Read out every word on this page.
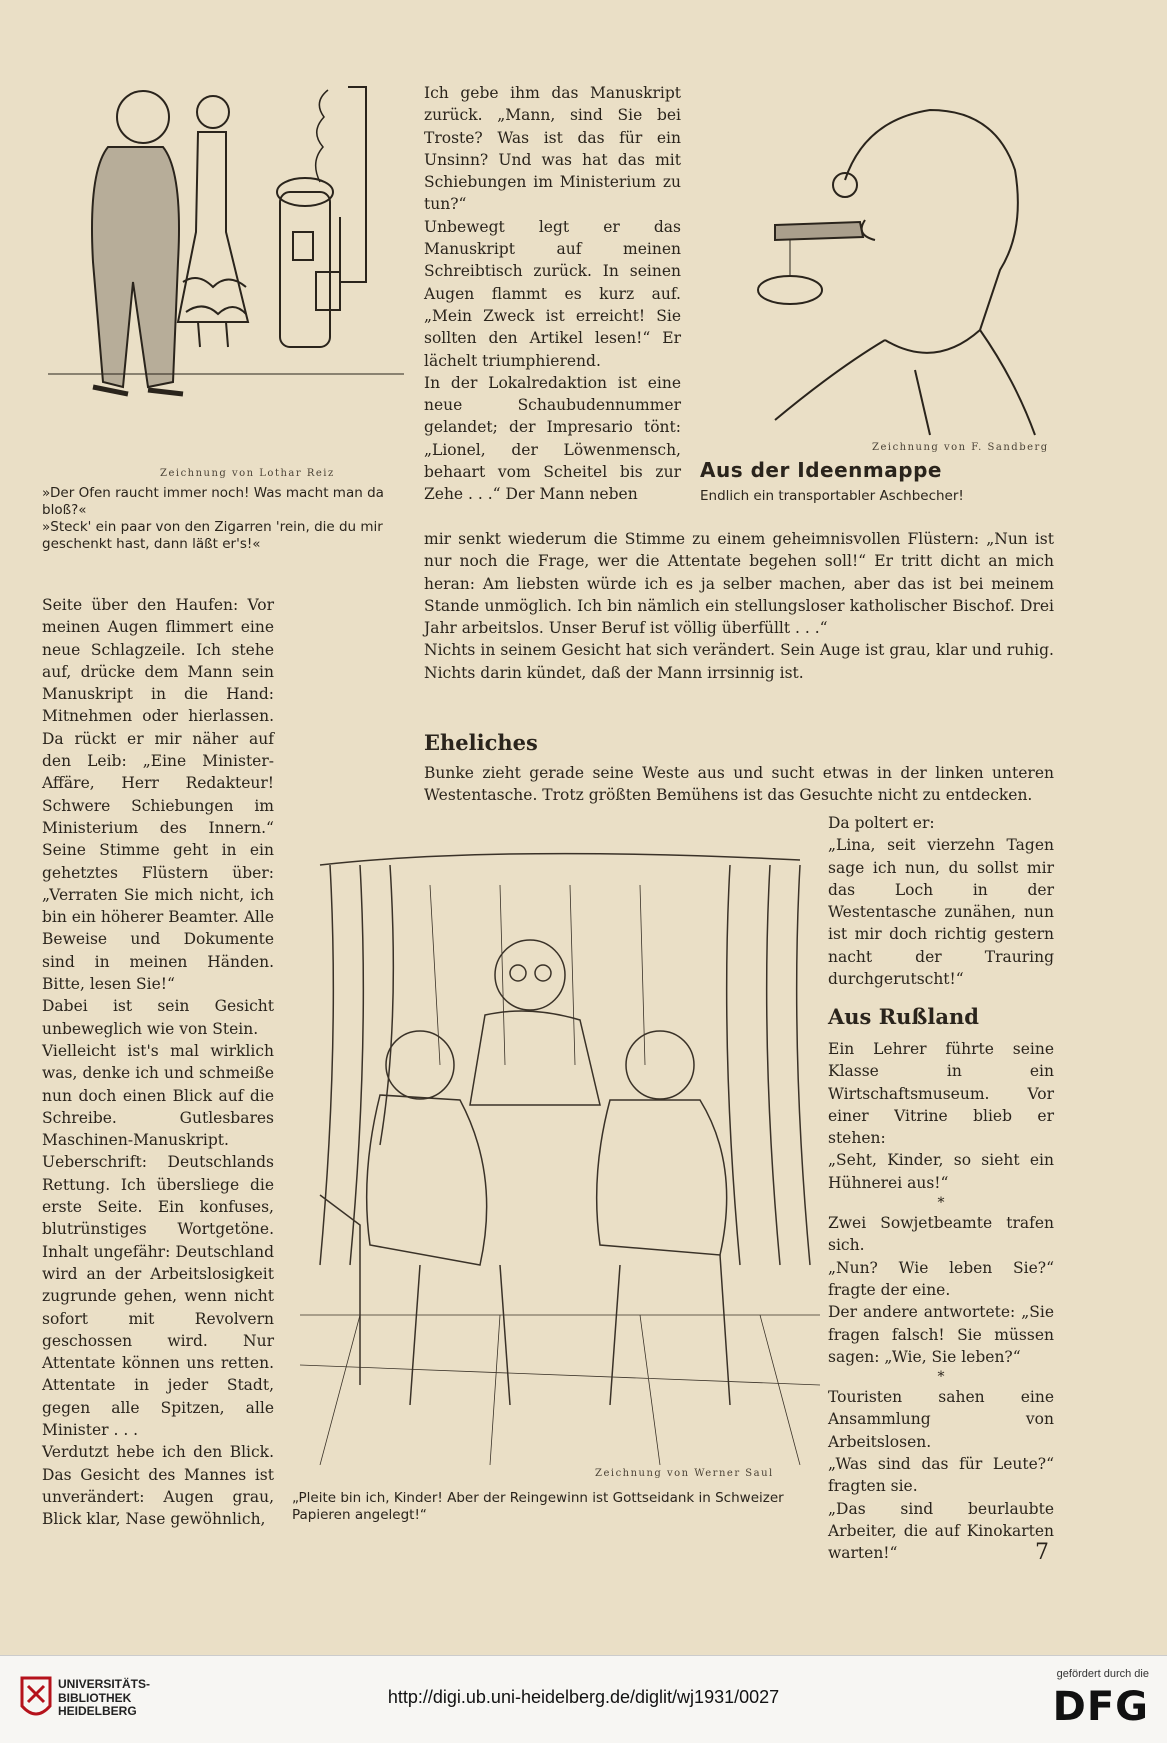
Zeichnung von Lothar Reiz
»Der Ofen raucht immer noch! Was macht man da bloß?«
»Steck' ein paar von den Zigarren 'rein, die du mir geschenkt hast, dann läßt er's!«

Ich gebe ihm das Manuskript zurück. „Mann, sind Sie bei Troste? Was ist das für ein Unsinn? Und was hat das mit Schiebungen im Ministerium zu tun?“

Unbewegt legt er das Manuskript auf meinen Schreibtisch zurück. In seinen Augen flammt es kurz auf. „Mein Zweck ist erreicht! Sie sollten den Artikel lesen!“ Er lächelt triumphierend.

In der Lokalredaktion ist eine neue Schaubudennummer gelandet; der Impresario tönt: „Lionel, der Löwenmensch, behaart vom Scheitel bis zur Zehe . . .“ Der Mann neben

Zeichnung von F. Sandberg
Aus der Ideenmappe
Endlich ein transportabler Aschbecher!

mir senkt wiederum die Stimme zu einem geheimnisvollen Flüstern: „Nun ist nur noch die Frage, wer die Attentate begehen soll!“ Er tritt dicht an mich heran: Am liebsten würde ich es ja selber machen, aber das ist bei meinem Stande unmöglich. Ich bin nämlich ein stellungsloser katholischer Bischof. Drei Jahr arbeitslos. Unser Beruf ist völlig überfüllt . . .“

Nichts in seinem Gesicht hat sich verändert. Sein Auge ist grau, klar und ruhig. Nichts darin kündet, daß der Mann irrsinnig ist.

Seite über den Haufen: Vor meinen Augen flimmert eine neue Schlagzeile. Ich stehe auf, drücke dem Mann sein Manuskript in die Hand: Mitnehmen oder hierlassen. Da rückt er mir näher auf den Leib: „Eine Minister-Affäre, Herr Redakteur! Schwere Schiebungen im Ministerium des Innern.“ Seine Stimme geht in ein gehetztes Flüstern über: „Verraten Sie mich nicht, ich bin ein höherer Beamter. Alle Beweise und Dokumente sind in meinen Händen. Bitte, lesen Sie!“

Dabei ist sein Gesicht unbeweglich wie von Stein.

Vielleicht ist's mal wirklich was, denke ich und schmeiße nun doch einen Blick auf die Schreibe. Gutlesbares Maschinen-Manuskript.

Ueberschrift: Deutschlands Rettung. Ich übersliege die erste Seite. Ein konfuses, blutrünstiges Wortgetöne. Inhalt ungefähr: Deutschland wird an der Arbeitslosigkeit zugrunde gehen, wenn nicht sofort mit Revolvern geschossen wird. Nur Attentate können uns retten. Attentate in jeder Stadt, gegen alle Spitzen, alle Minister . . .

Verdutzt hebe ich den Blick. Das Gesicht des Mannes ist unverändert: Augen grau, Blick klar, Nase gewöhnlich,

Eheliches
Bunke zieht gerade seine Weste aus und sucht etwas in der linken unteren Westentasche. Trotz größten Bemühens ist das Gesuchte nicht zu entdecken.

Da poltert er:

„Lina, seit vierzehn Tagen sage ich nun, du sollst mir das Loch in der Westentasche zunähen, nun ist mir doch richtig gestern nacht der Trauring durchgerutscht!“

Aus Rußland

Ein Lehrer führte seine Klasse in ein Wirtschaftsmuseum. Vor einer Vitrine blieb er stehen:

„Seht, Kinder, so sieht ein Hühnerei aus!“

*

Zwei Sowjetbeamte trafen sich.

„Nun? Wie leben Sie?“ fragte der eine.

Der andere antwortete: „Sie fragen falsch! Sie müssen sagen: „Wie, Sie leben?“

*

Touristen sahen eine Ansammlung von Arbeitslosen.

„Was sind das für Leute?“ fragten sie.

„Das sind beurlaubte Arbeiter, die auf Kinokarten warten!“

Zeichnung von Werner Saul
„Pleite bin ich, Kinder! Aber der Reingewinn ist Gottseidank in Schweizer Papieren angelegt!“
7
UNIVERSITÄTS-
BIBLIOTHEK
HEIDELBERG
http://digi.ub.uni-heidelberg.de/diglit/wj1931/0027
gefördert durch die
DFG
